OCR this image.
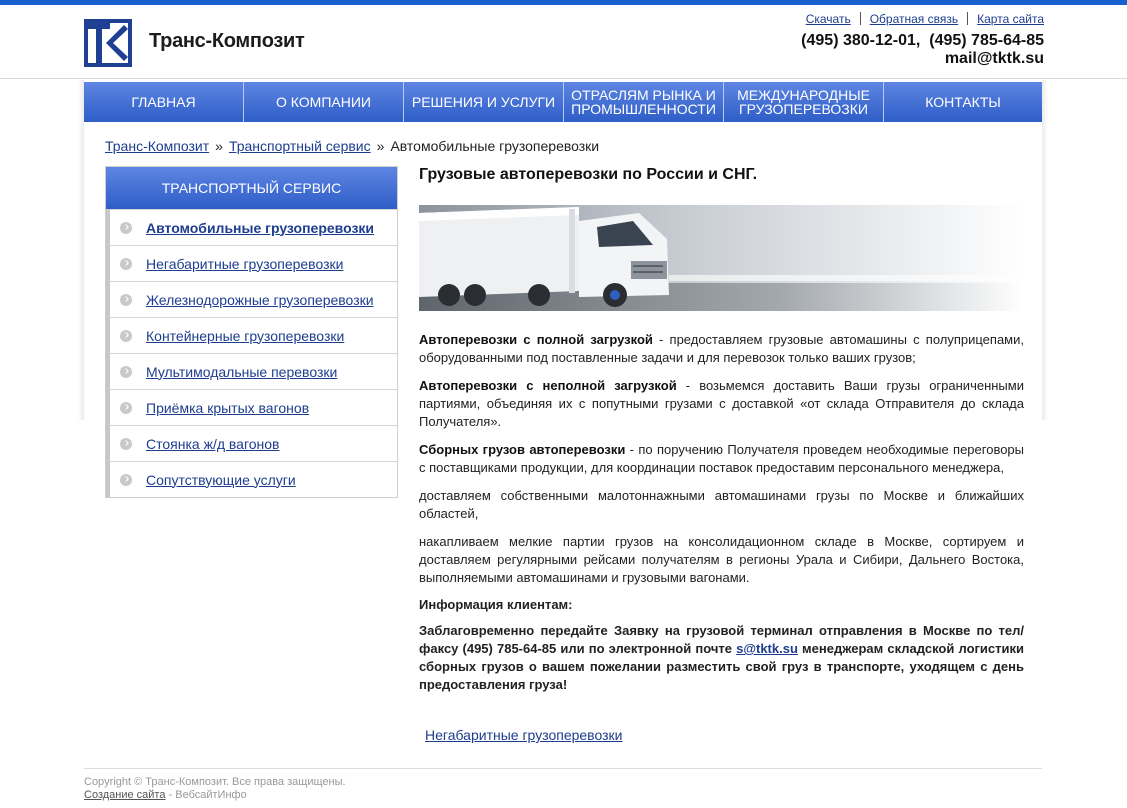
Транс-Композит
Скачать Обратная связь Карта сайта
(495) 380-12-01,  (495) 785-64-85
mail@tktk.su
ГЛАВНАЯ	О КОМПАНИИ	РЕШЕНИЯ И УСЛУГИ	ОТРАСЛЯМ РЫНКА И ПРОМЫШЛЕННОСТИ
МЕЖДУНАРОДНЫЕ ГРУЗОПЕРЕВОЗКИ	КОНТАКТЫ
Транс-Композит » Транспортный сервис » Автомобильные грузоперевозки
ТРАНСПОРТНЫЙ СЕРВИС
Автомобильные грузоперевозки
Негабаритные грузоперевозки
Железнодорожные грузоперевозки
Контейнерные грузоперевозки
Мультимодальные перевозки
Приёмка крытых вагонов
Стоянка ж/д вагонов
Сопутствующие услуги
Грузовые автоперевозки по России и СНГ.

Автоперевозки с полной загрузкой - предоставляем грузовые автомашины с полуприцепами, оборудованными под поставленные задачи и для перевозок только ваших грузов;

Автоперевозки с неполной загрузкой - возьмемся доставить Ваши грузы ограниченными партиями, объединяя их с попутными грузами с доставкой «от склада Отправителя до склада Получателя».

Сборных грузов автоперевозки - по поручению Получателя проведем необходимые переговоры с поставщиками продукции, для координации поставок предоставим персонального менеджера,

доставляем собственными малотоннажными автомашинами грузы по Москве и ближайших областей,

накапливаем мелкие партии грузов на консолидационном складе в Москве, сортируем и доставляем регулярными рейсами получателям в регионы Урала и Сибири, Дальнего Востока, выполняемыми автомашинами и грузовыми вагонами.

Информация клиентам:

Заблаговременно передайте Заявку на грузовой терминал отправления в Москве по тел/факсу (495) 785-64-85 или по электронной почте s@tktk.su менеджерам складской логистики сборных грузов о вашем пожелании разместить свой груз в транспорте, уходящем с день предоставления груза!

Негабаритные грузоперевозки
Copyright © Транс-Композит. Все права защищены.
Создание сайта - ВебсайтИнфо
